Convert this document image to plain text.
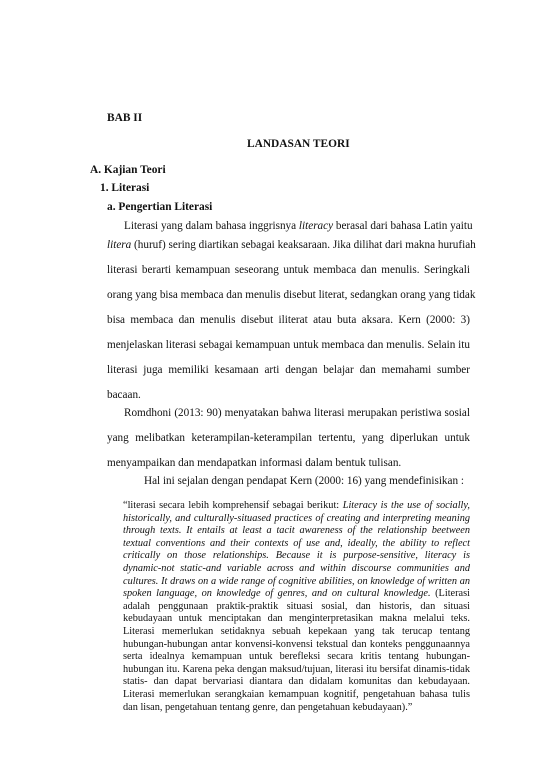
BAB II
LANDASAN TEORI
A. Kajian Teori
1. Literasi
a. Pengertian Literasi
Literasi yang dalam bahasa inggrisnya literacy berasal dari bahasa Latin yaitu
litera (huruf) sering diartikan sebagai keaksaraan. Jika dilihat dari makna hurufiah
literasi berarti kemampuan seseorang untuk membaca dan menulis. Seringkali
orang yang bisa membaca dan menulis disebut literat, sedangkan orang yang tidak
bisa membaca dan menulis disebut iliterat atau buta aksara. Kern (2000: 3)
menjelaskan literasi sebagai kemampuan untuk membaca dan menulis. Selain itu
literasi juga memiliki kesamaan arti dengan belajar dan memahami sumber
bacaan.
Romdhoni (2013: 90) menyatakan bahwa literasi merupakan peristiwa sosial
yang melibatkan keterampilan-keterampilan tertentu, yang diperlukan untuk
menyampaikan dan mendapatkan informasi dalam bentuk tulisan.
Hal ini sejalan dengan pendapat Kern (2000: 16) yang mendefinisikan :
“literasi secara lebih komprehensif sebagai berikut: Literacy is the use of socially, historically, and culturally-situased practices of creating and interpreting meaning through texts. It entails at least a tacit awareness of the relationship beetween textual conventions and their contexts of use and, ideally, the ability to reflect critically on those relationships. Because it is purpose-sensitive, literacy is dynamic-not static-and variable across and within discourse communities and cultures. It draws on a wide range of cognitive abilities, on knowledge of written an spoken language, on knowledge of genres, and on cultural knowledge. (Literasi adalah penggunaan praktik-praktik situasi sosial, dan historis, dan situasi kebudayaan untuk menciptakan dan menginterpretasikan makna melalui teks. Literasi memerlukan setidaknya sebuah kepekaan yang tak terucap tentang hubungan-hubungan antar konvensi-konvensi tekstual dan konteks penggunaannya serta idealnya kemampuan untuk berefleksi secara kritis tentang hubungan-hubungan itu. Karena peka dengan maksud/tujuan, literasi itu bersifat dinamis-tidak statis- dan dapat bervariasi diantara dan didalam komunitas dan kebudayaan. Literasi memerlukan serangkaian kemampuan kognitif, pengetahuan bahasa tulis dan lisan, pengetahuan tentang genre, dan pengetahuan kebudayaan).”
